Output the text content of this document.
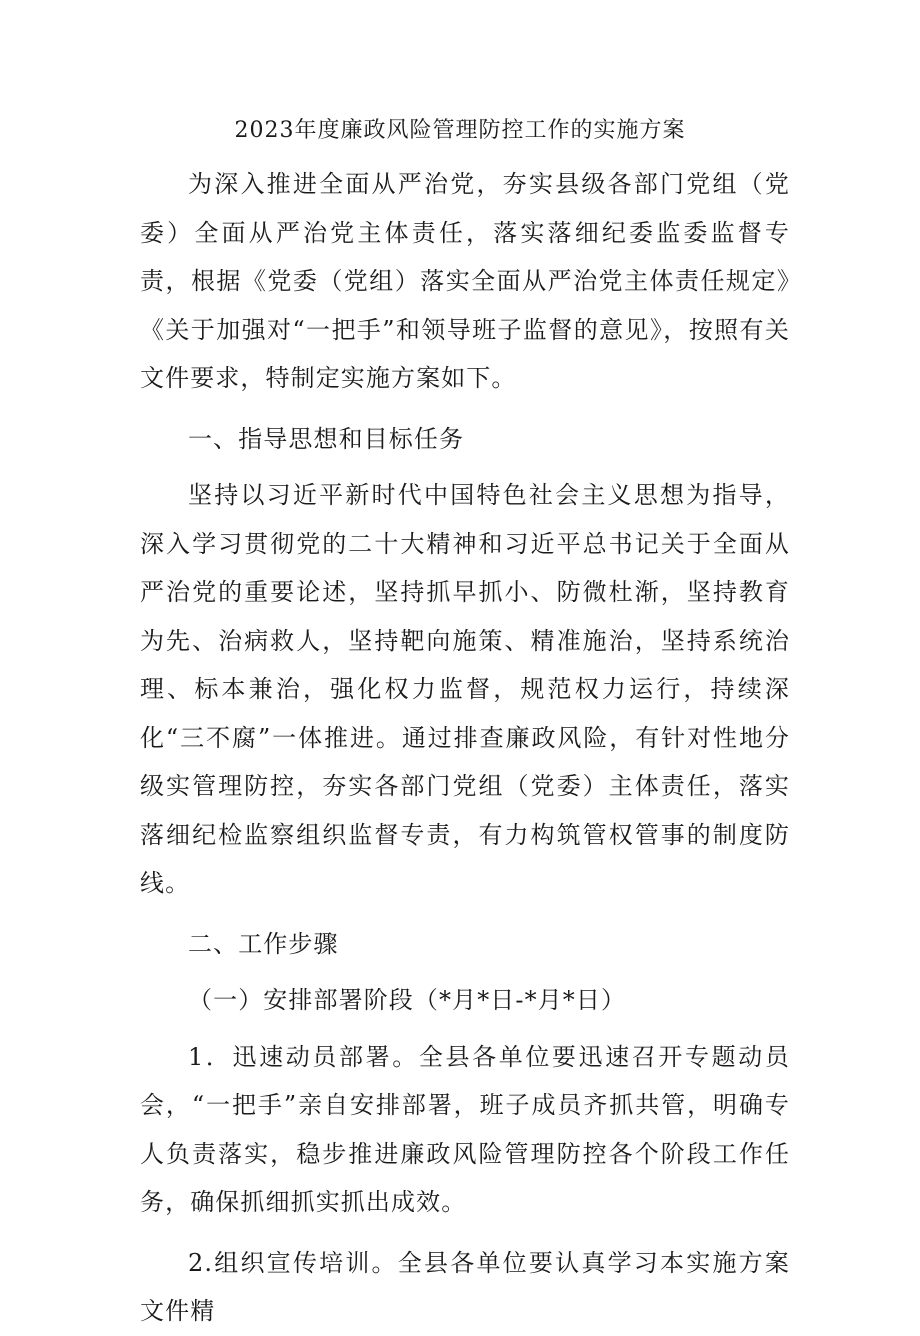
2023年度廉政风险管理防控工作的实施方案

为深入推进全面从严治党，夯实县级各部门党组（党委）全面从严治党主体责任，落实落细纪委监委监督专责，根据《党委（党组）落实全面从严治党主体责任规定》《关于加强对“一把手”和领导班子监督的意见》，按照有关文件要求，特制定实施方案如下。

一、指导思想和目标任务

坚持以习近平新时代中国特色社会主义思想为指导，深入学习贯彻党的二十大精神和习近平总书记关于全面从严治党的重要论述，坚持抓早抓小、防微杜渐，坚持教育为先、治病救人，坚持靶向施策、精准施治，坚持系统治理、标本兼治，强化权力监督，规范权力运行，持续深化“三不腐”一体推进。通过排查廉政风险，有针对性地分级实管理防控，夯实各部门党组（党委）主体责任，落实落细纪检监察组织监督专责，有力构筑管权管事的制度防线。

二、工作步骤

（一）安排部署阶段（*月*日-*月*日）

1．迅速动员部署。全县各单位要迅速召开专题动员会，“一把手”亲自安排部署，班子成员齐抓共管，明确专人负责落实，稳步推进廉政风险管理防控各个阶段工作任务，确保抓细抓实抓出成效。

2.组织宣传培训。全县各单位要认真学习本实施方案文件精
